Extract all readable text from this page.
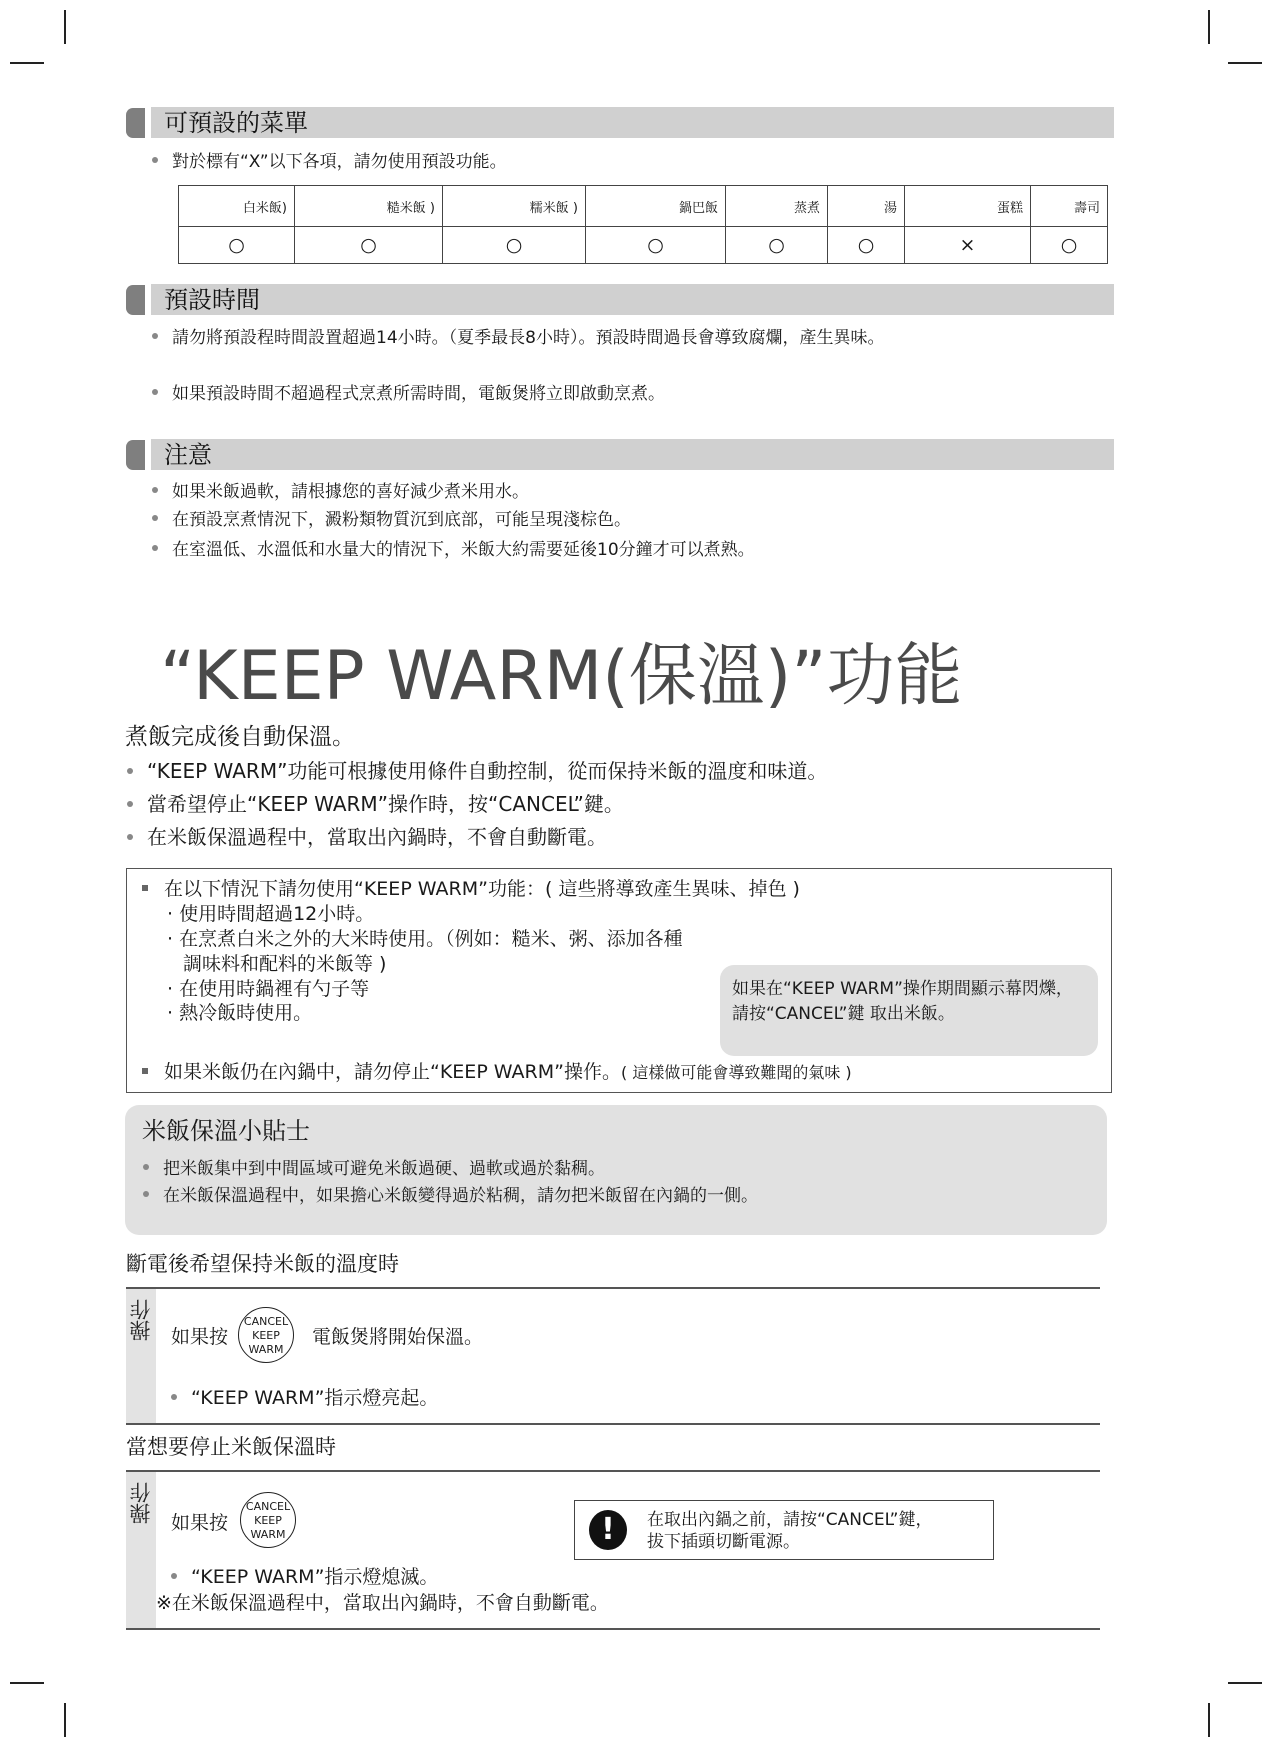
可預設的菜單
對於標有“X”以下各項，請勿使用預設功能。
白米飯)	糙米飯 )	糯米飯 )	鍋巴飯	蒸煮	湯	蛋糕	壽司
○	○	○	○	○	○	×	○
預設時間
請勿將預設程時間設置超過14小時。（夏季最長8小時）。預設時間過長會導致腐爛，產生異味。
如果預設時間不超過程式烹煮所需時間，電飯煲將立即啟動烹煮。
注意
如果米飯過軟，請根據您的喜好減少煮米用水。
在預設烹煮情況下，澱粉類物質沉到底部，可能呈現淺棕色。
在室溫低、水溫低和水量大的情況下，米飯大約需要延後10分鐘才可以煮熟。
“KEEP WARM(保溫)”功能
煮飯完成後自動保溫。
“KEEP WARM”功能可根據使用條件自動控制，從而保持米飯的溫度和味道。
當希望停止“KEEP WARM”操作時，按“CANCEL”鍵。
在米飯保溫過程中，當取出內鍋時，不會自動斷電。
在以下情況下請勿使用“KEEP WARM”功能：( 這些將導致產生異味、掉色 )
· 使用時間超過12小時。
· 在烹煮白米之外的大米時使用。（例如：糙米、粥、添加各種
調味料和配料的米飯等 )
· 在使用時鍋裡有勺子等
· 熱冷飯時使用。
如果在“KEEP WARM”操作期間顯示幕閃爍，
請按“CANCEL”鍵 取出米飯。
如果米飯仍在內鍋中，請勿停止“KEEP WARM”操作。( 這樣做可能會導致難聞的氣味 )
米飯保溫小貼士
把米飯集中到中間區域可避免米飯過硬、過軟或過於黏稠。
在米飯保溫過程中，如果擔心米飯變得過於粘稠，請勿把米飯留在內鍋的一側。
斷電後希望保持米飯的溫度時
操作 如果按
CANCEL
KEEP
WARM
電飯煲將開始保溫。
“KEEP WARM”指示燈亮起。
當想要停止米飯保溫時
操作 如果按
CANCEL
KEEP
WARM
“KEEP WARM”指示燈熄滅。
※在米飯保溫過程中，當取出內鍋時，不會自動斷電。
!	在取出內鍋之前，請按“CANCEL”鍵，
拔下插頭切斷電源。
